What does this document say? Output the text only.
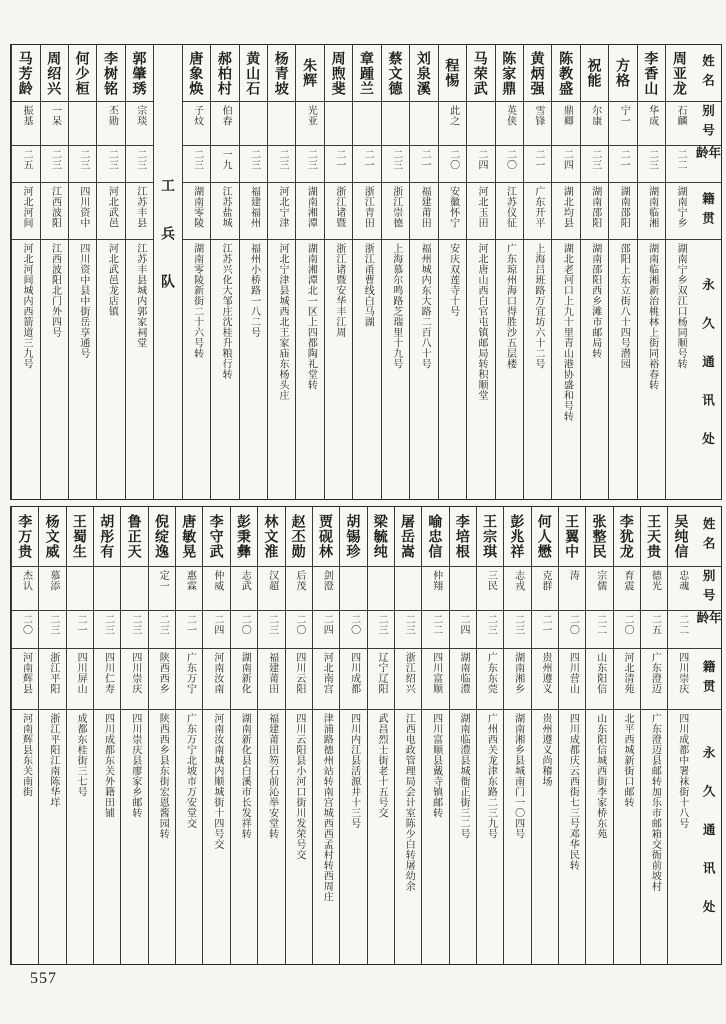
姓名
别号
年龄
籍贯
永久通讯处
周亚龙
石麟
二二
湖南宁乡
湖南宁乡双江口杨同顺号转
李香山
华成
二三
湖南临湘
湖南临湘新治桃林上街同裕春转
方格
宁一
二一
湖南邵阳
邵阳上东立街八十四号潜园
祝能
尔康
二三
湖南邵阳
湖南邵阳西乡滩市邮局转
陈教盛
鼎卿
二四
湖北均县
湖北老河口上九十里青山港协盛和号转
黄炳强
雪锋
二一
广东开平
上海吕班路万宜坊六十二号
陈家鼎
英侠
二〇
江苏仪征
广东琼州海口得胜沙五层楼
马荣武
二四
河北玉田
河北唐山西白官屯镇邮局转积顺堂
程惕
此之
二〇
安徽怀宁
安庆双莲寺十号
刘泉溪
二一
福建莆田
福州城内东大路二百八十号
蔡文德
二三
浙江崇德
上海慕尔鸣路芝瑞里十九号
章踵兰
二一
浙江青田
浙江甬曹线白马湖
周煦斐
二一
浙江诸暨
浙江诸暨安华丰江周
朱辉
光亚
二三
湖南湘潭
湖南湘潭北一区上四都陶礼堂转
杨青坡
二三
河北宁津
河北宁津县城西北王家庙东杨头庄
黄山石
二三
福建福州
福州小桥路一八二号
郝柏村
伯春
一九
江苏盐城
江苏兴化大邹庄沈桂升粮行转
唐象焕
子炆
二三
湖南零陵
湖南零陵新街二十六号转
工兵队
郭肇琇
宗琰
二三
江苏丰县
江苏丰县城内郭家祠堂
李树铭
丕勋
二三
河北武邑
河北武邑龙店镇
何少桓
二三
四川资中
四川资中县中街岳享通号
周绍兴
一呆
二三
江西波阳
江西波阳北门外四号
马芳龄
振基
二五
河北河间
河北河间城内西箭道三九号
姓名
别号
年龄
籍贯
永久通讯处
吴纯信
忠魂
二二
四川崇庆
四川成都中署袜街十八号
王天贵
德光
二五
广东澄迈
广东澄迈县邮转加乐市邮箱交衙前坡村
李犹龙
育震
二〇
河北清苑
北平西城新街口邮转
张整民
宗儒
二二
山东阳信
山东阳信城西街李家桥东苑
王翼中
涛
二〇
四川营山
四川成都庆云西街七三号邓华民转
何人懋
克群
二一
贵州遵义
贵州遵义尚稽场
彭兆祥
志戎
二三
湖南湘乡
湖南湘乡县城南门一〇四号
王宗琪
三民
二三
广东东莞
广州西关龙津东路二三九号
李培根
二四
湖南临澧
湖南临澧县城衙正街三二号
喻忠信
仲翔
二二
四川富顺
四川富顺县戴寺镇邮转
屠岳嵩
二三
浙江绍兴
江西电政管理局会计室陈少白转屠幼余
梁毓纯
二三
辽宁辽阳
武昌烈士街老十五号交
胡锡珍
二〇
四川成都
四川内江县活源井十三号
贾砚林
剑澄
二四
河北南宫
津浦路德州站转南宫城西西孟村转西周庄
赵丕勋
后茂
二〇
四川云阳
四川云阳县小河口街川发荣号交
林文淮
汉超
二三
福建莆田
福建莆田笏石前沁举安堂转
彭秉彝
志武
二〇
湖南新化
湖南新化县白溪市长发祥转
李守武
仲威
二四
河南汝南
河南汝南城内顺城街十四号交
唐敏晃
惠霖
二一
广东万宁
广东万宁北坡市万安堂交
倪绽逸
定一
二三
陕西西乡
陕西西乡县东街宏恩酱园转
鲁正天
二三
四川崇庆
四川崇庆县廖家乡邮转
胡彤有
二三
四川仁寿
四川成都东关外籍田铺
王蜀生
二一
四川屏山
成都东桂街三七号
杨文威
慕添
二三
浙江平阳
浙江平阳江南陈华垟
李万贵
杰认
二〇
河南辉县
河南辉县东关南街
557
